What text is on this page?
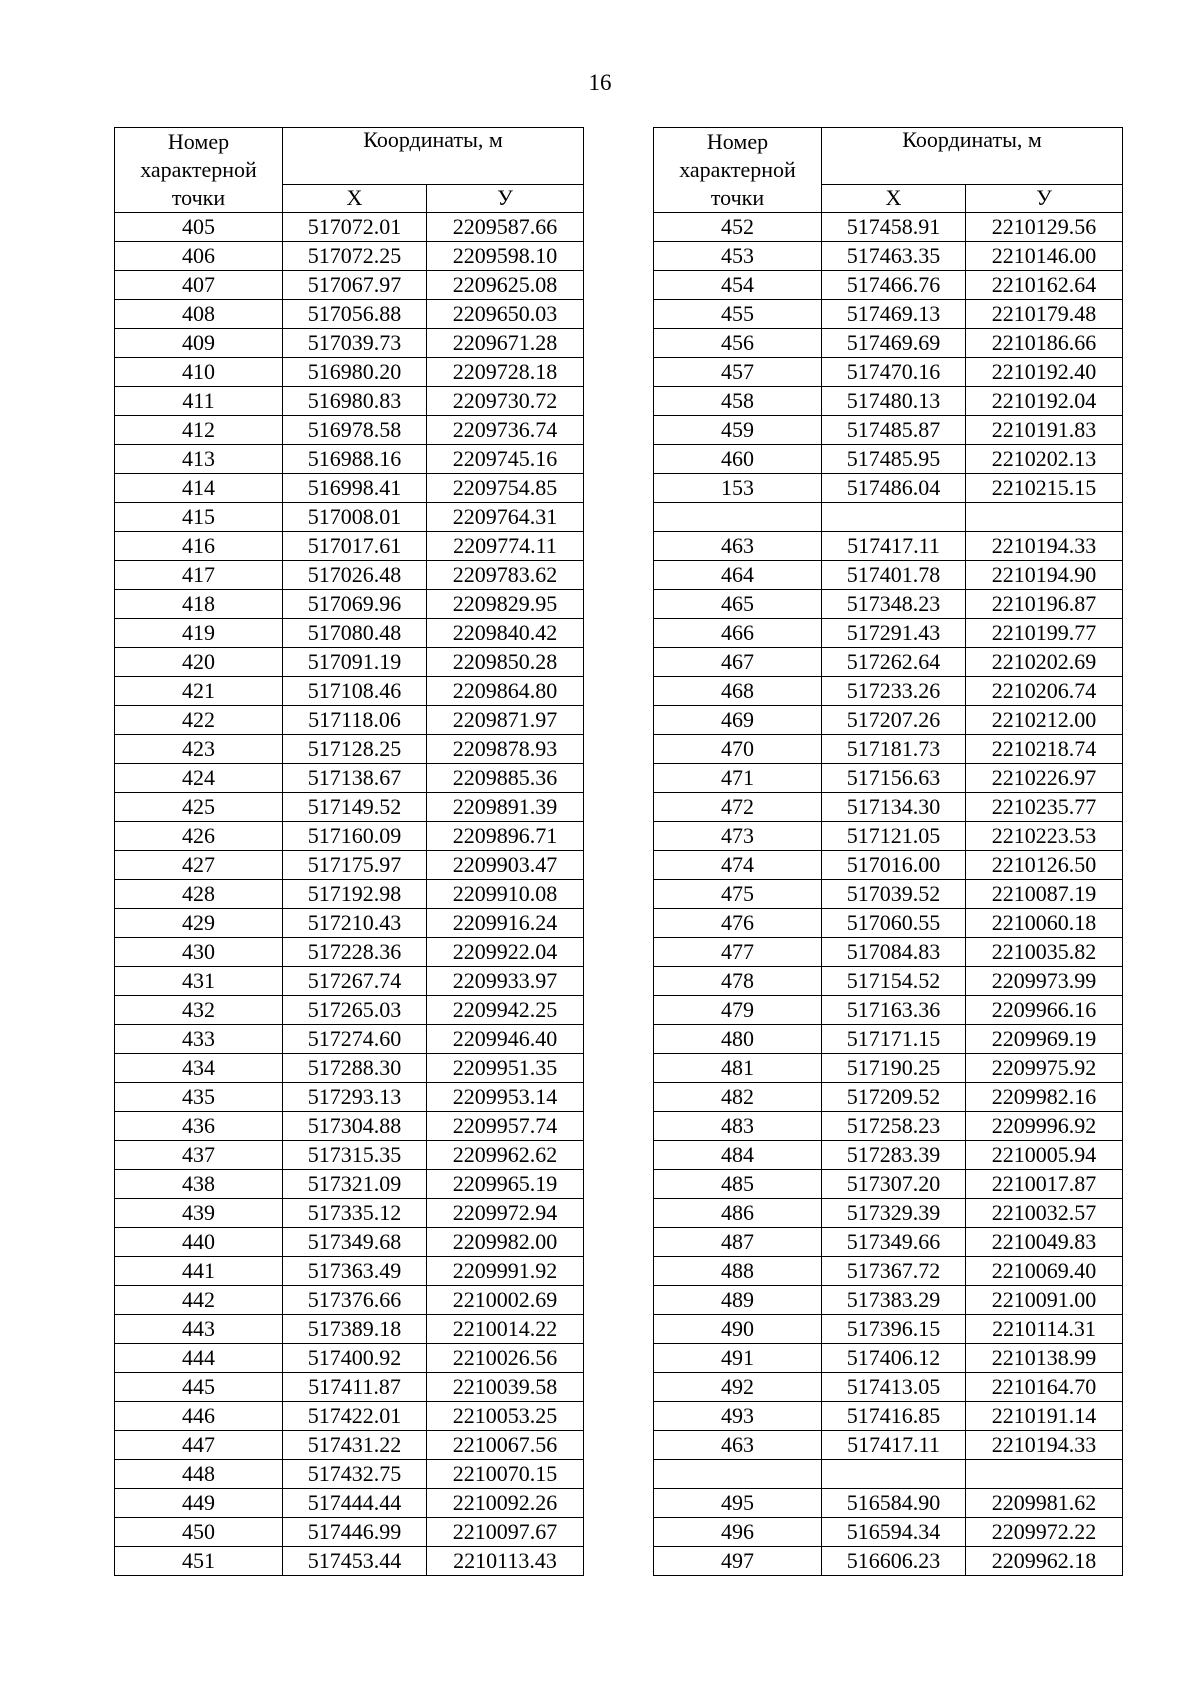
16
Номер характерной точки	Координаты, м	
	X	У
405	517072.01	2209587.66
406	517072.25	2209598.10
407	517067.97	2209625.08
408	517056.88	2209650.03
409	517039.73	2209671.28
410	516980.20	2209728.18
411	516980.83	2209730.72
412	516978.58	2209736.74
413	516988.16	2209745.16
414	516998.41	2209754.85
415	517008.01	2209764.31
416	517017.61	2209774.11
417	517026.48	2209783.62
418	517069.96	2209829.95
419	517080.48	2209840.42
420	517091.19	2209850.28
421	517108.46	2209864.80
422	517118.06	2209871.97
423	517128.25	2209878.93
424	517138.67	2209885.36
425	517149.52	2209891.39
426	517160.09	2209896.71
427	517175.97	2209903.47
428	517192.98	2209910.08
429	517210.43	2209916.24
430	517228.36	2209922.04
431	517267.74	2209933.97
432	517265.03	2209942.25
433	517274.60	2209946.40
434	517288.30	2209951.35
435	517293.13	2209953.14
436	517304.88	2209957.74
437	517315.35	2209962.62
438	517321.09	2209965.19
439	517335.12	2209972.94
440	517349.68	2209982.00
441	517363.49	2209991.92
442	517376.66	2210002.69
443	517389.18	2210014.22
444	517400.92	2210026.56
445	517411.87	2210039.58
446	517422.01	2210053.25
447	517431.22	2210067.56
448	517432.75	2210070.15
449	517444.44	2210092.26
450	517446.99	2210097.67
451	517453.44	2210113.43
Номер характерной точки	Координаты, м	
	X	У
452	517458.91	2210129.56
453	517463.35	2210146.00
454	517466.76	2210162.64
455	517469.13	2210179.48
456	517469.69	2210186.66
457	517470.16	2210192.40
458	517480.13	2210192.04
459	517485.87	2210191.83
460	517485.95	2210202.13
153	517486.04	2210215.15

463	517417.11	2210194.33
464	517401.78	2210194.90
465	517348.23	2210196.87
466	517291.43	2210199.77
467	517262.64	2210202.69
468	517233.26	2210206.74
469	517207.26	2210212.00
470	517181.73	2210218.74
471	517156.63	2210226.97
472	517134.30	2210235.77
473	517121.05	2210223.53
474	517016.00	2210126.50
475	517039.52	2210087.19
476	517060.55	2210060.18
477	517084.83	2210035.82
478	517154.52	2209973.99
479	517163.36	2209966.16
480	517171.15	2209969.19
481	517190.25	2209975.92
482	517209.52	2209982.16
483	517258.23	2209996.92
484	517283.39	2210005.94
485	517307.20	2210017.87
486	517329.39	2210032.57
487	517349.66	2210049.83
488	517367.72	2210069.40
489	517383.29	2210091.00
490	517396.15	2210114.31
491	517406.12	2210138.99
492	517413.05	2210164.70
493	517416.85	2210191.14
463	517417.11	2210194.33

495	516584.90	2209981.62
496	516594.34	2209972.22
497	516606.23	2209962.18
